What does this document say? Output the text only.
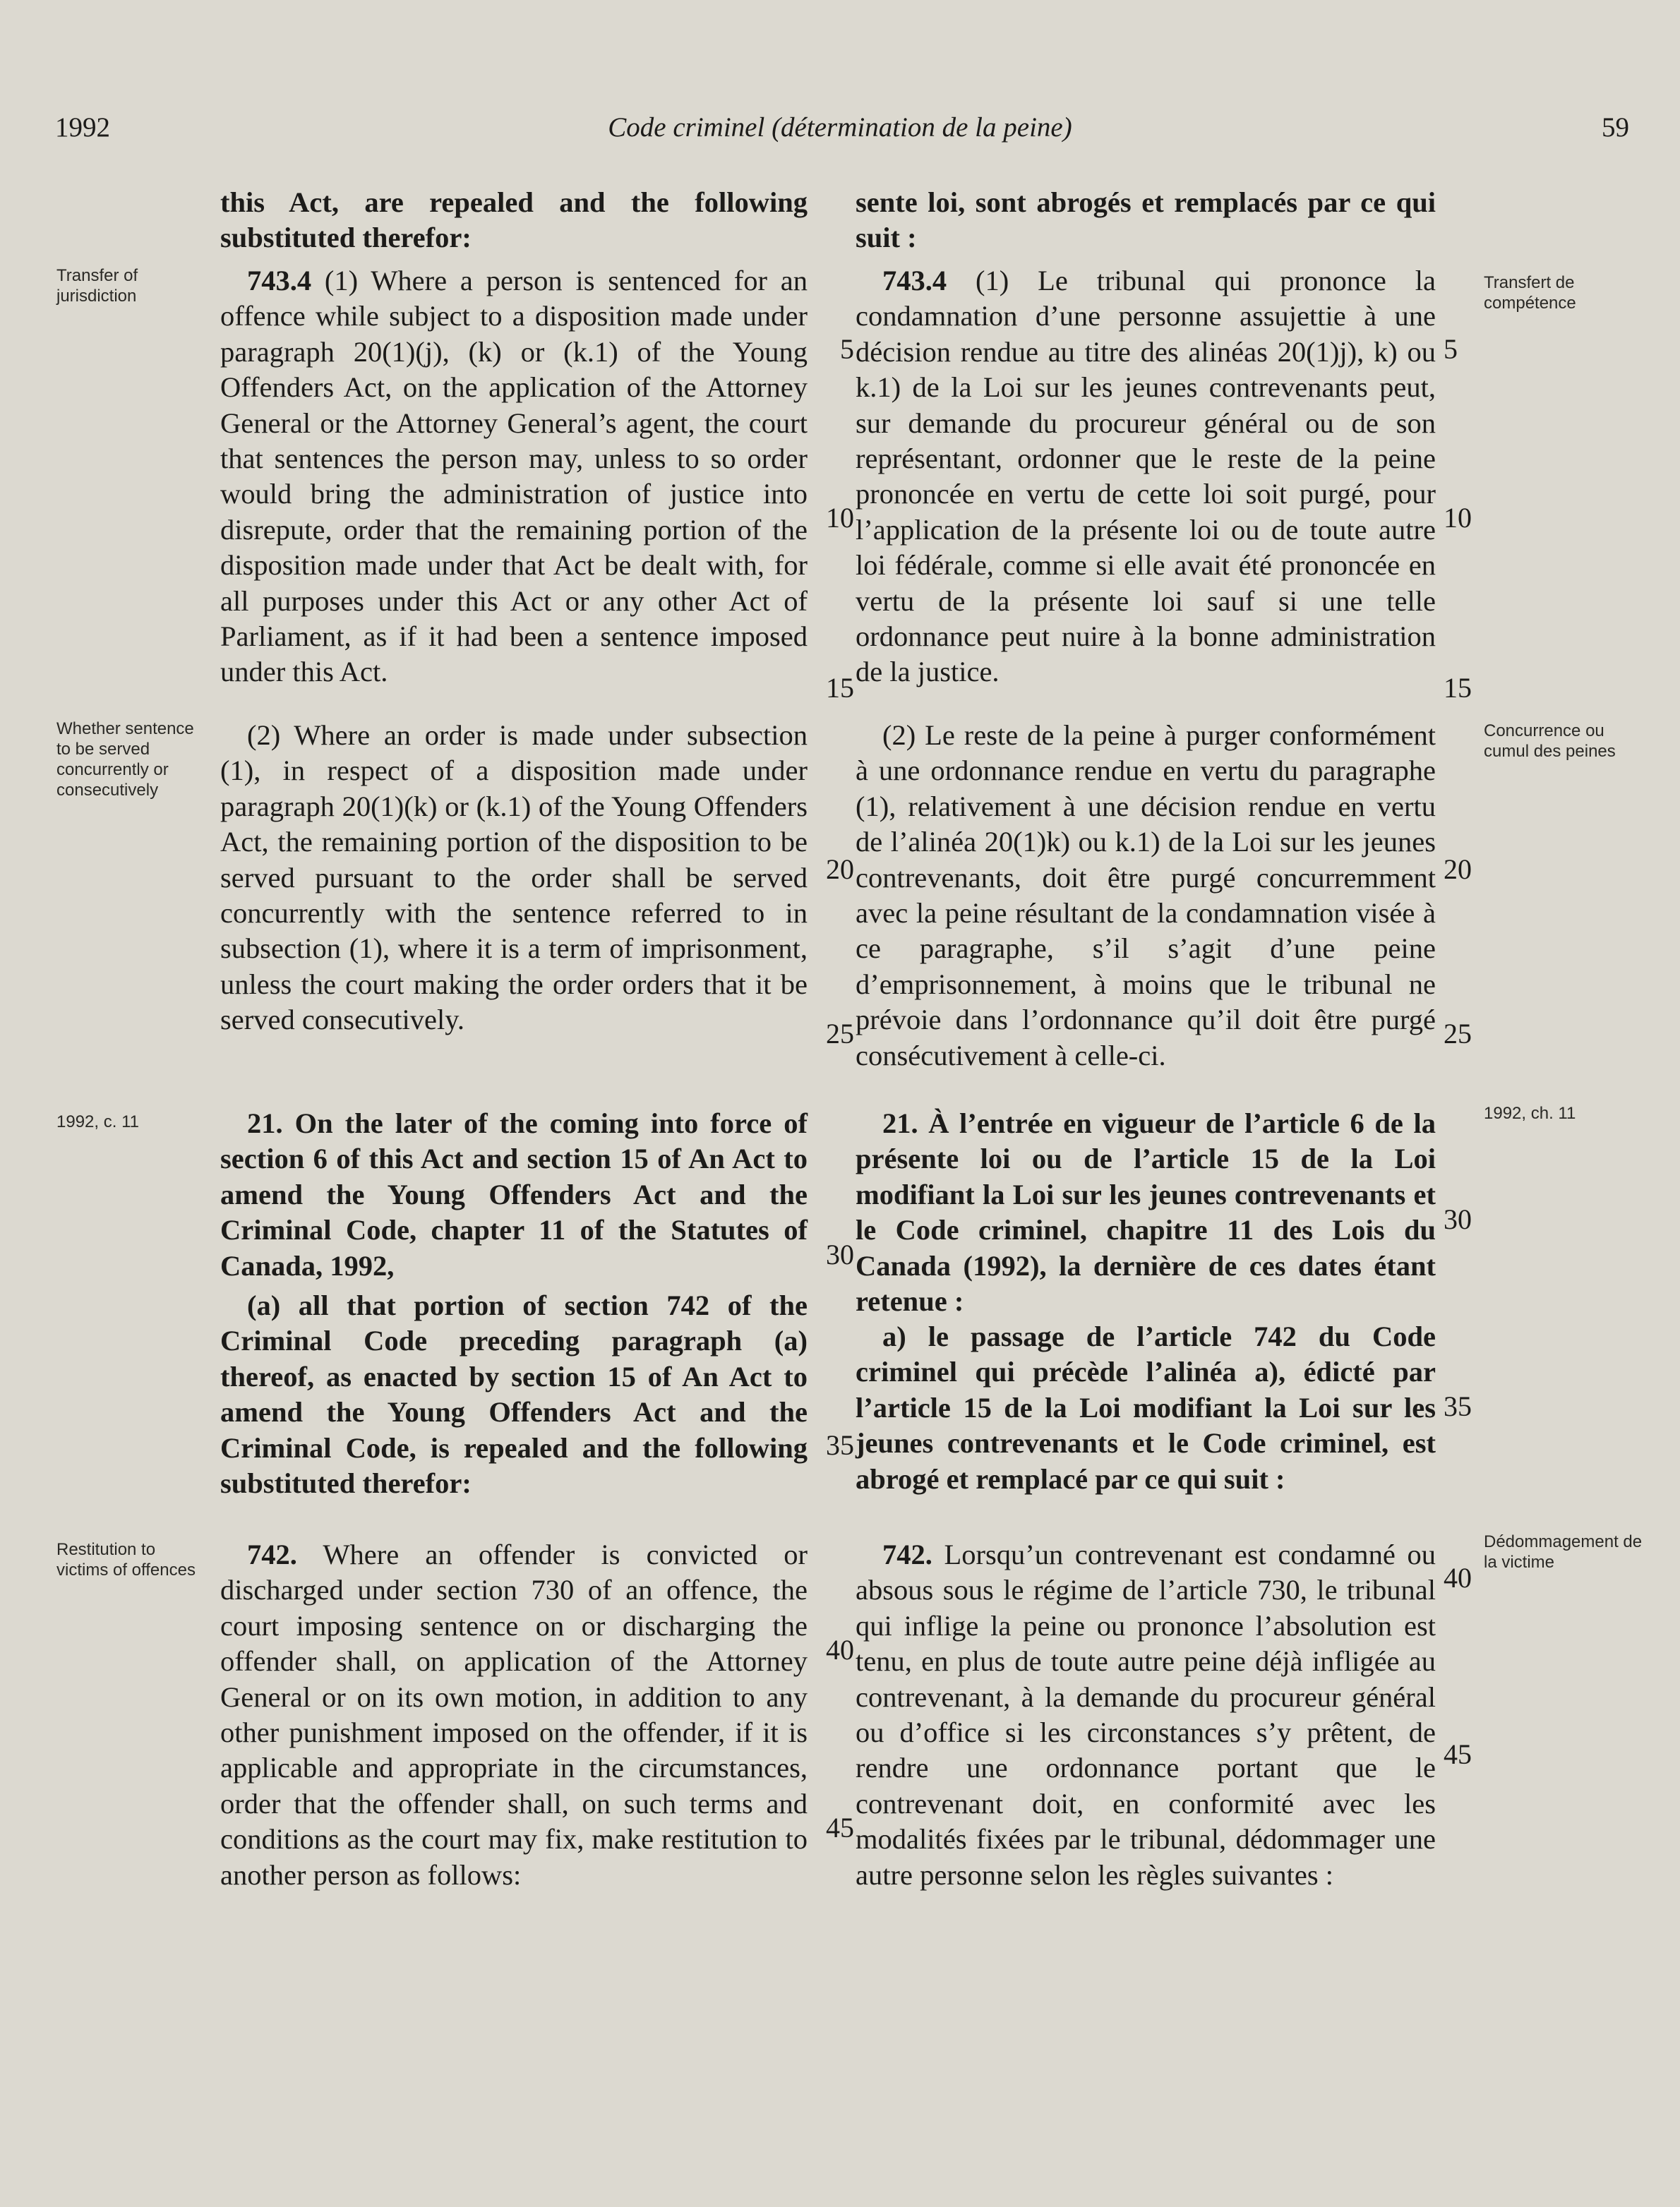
1992	Code criminel (détermination de la peine)	59
Transfer of jurisdiction
Whether sentence to be served concurrently or consecutively
1992, c. 11
Restitution to victims of offences
Transfert de compétence
Concurrence ou cumul des peines
1992, ch. 11
Dédommagement de la victime

this Act, are repealed and the following substituted therefor:

743.4 (1) Where a person is sentenced for an offence while subject to a disposition made under paragraph 20(1)(j), (k) or (k.1) of the Young Offenders Act, on the application of the Attorney General or the Attorney General’s agent, the court that sentences the person may, unless to so order would bring the administration of justice into disrepute, order that the remaining portion of the disposition made under that Act be dealt with, for all purposes under this Act or any other Act of Parliament, as if it had been a sentence imposed under this Act.

(2) Where an order is made under subsection (1), in respect of a disposition made under paragraph 20(1)(k) or (k.1) of the Young Offenders Act, the remaining portion of the disposition to be served pursuant to the order shall be served concurrently with the sentence referred to in subsection (1), where it is a term of imprisonment, unless the court making the order orders that it be served consecutively.

21. On the later of the coming into force of section 6 of this Act and section 15 of An Act to amend the Young Offenders Act and the Criminal Code, chapter 11 of the Statutes of Canada, 1992,

(a) all that portion of section 742 of the Criminal Code preceding paragraph (a) thereof, as enacted by section 15 of An Act to amend the Young Offenders Act and the Criminal Code, is repealed and the following substituted therefor:

742. Where an offender is convicted or discharged under section 730 of an offence, the court imposing sentence on or discharging the offender shall, on application of the Attorney General or on its own motion, in addition to any other punishment imposed on the offender, if it is applicable and appropriate in the circumstances, order that the offender shall, on such terms and conditions as the court may fix, make restitution to another person as follows:

sente loi, sont abrogés et remplacés par ce qui suit :

743.4 (1) Le tribunal qui prononce la condamnation d’une personne assujettie à une décision rendue au titre des alinéas 20(1)j), k) ou k.1) de la Loi sur les jeunes contrevenants peut, sur demande du procureur général ou de son représentant, ordonner que le reste de la peine prononcée en vertu de cette loi soit purgé, pour l’application de la présente loi ou de toute autre loi fédérale, comme si elle avait été prononcée en vertu de la présente loi sauf si une telle ordonnance peut nuire à la bonne administration de la justice.

(2) Le reste de la peine à purger conformément à une ordonnance rendue en vertu du paragraphe (1), relativement à une décision rendue en vertu de l’alinéa 20(1)k) ou k.1) de la Loi sur les jeunes contrevenants, doit être purgé concurremment avec la peine résultant de la condamnation visée à ce paragraphe, s’il s’agit d’une peine d’emprisonnement, à moins que le tribunal ne prévoie dans l’ordonnance qu’il doit être purgé consécutivement à celle-ci.

21. À l’entrée en vigueur de l’article 6 de la présente loi ou de l’article 15 de la Loi modifiant la Loi sur les jeunes contrevenants et le Code criminel, chapitre 11 des Lois du Canada (1992), la dernière de ces dates étant retenue :

a) le passage de l’article 742 du Code criminel qui précède l’alinéa a), édicté par l’article 15 de la Loi modifiant la Loi sur les jeunes contrevenants et le Code criminel, est abrogé et remplacé par ce qui suit :

742. Lorsqu’un contrevenant est condamné ou absous sous le régime de l’article 730, le tribunal qui inflige la peine ou prononce l’absolution est tenu, en plus de toute autre peine déjà infligée au contrevenant, à la demande du procureur général ou d’office si les circonstances s’y prêtent, de rendre une ordonnance portant que le contrevenant doit, en conformité avec les modalités fixées par le tribunal, dédommager une autre personne selon les règles suivantes :

5
10
15
20
25
30
35
40
45
5
10
15
20
25
30
35
40
45
